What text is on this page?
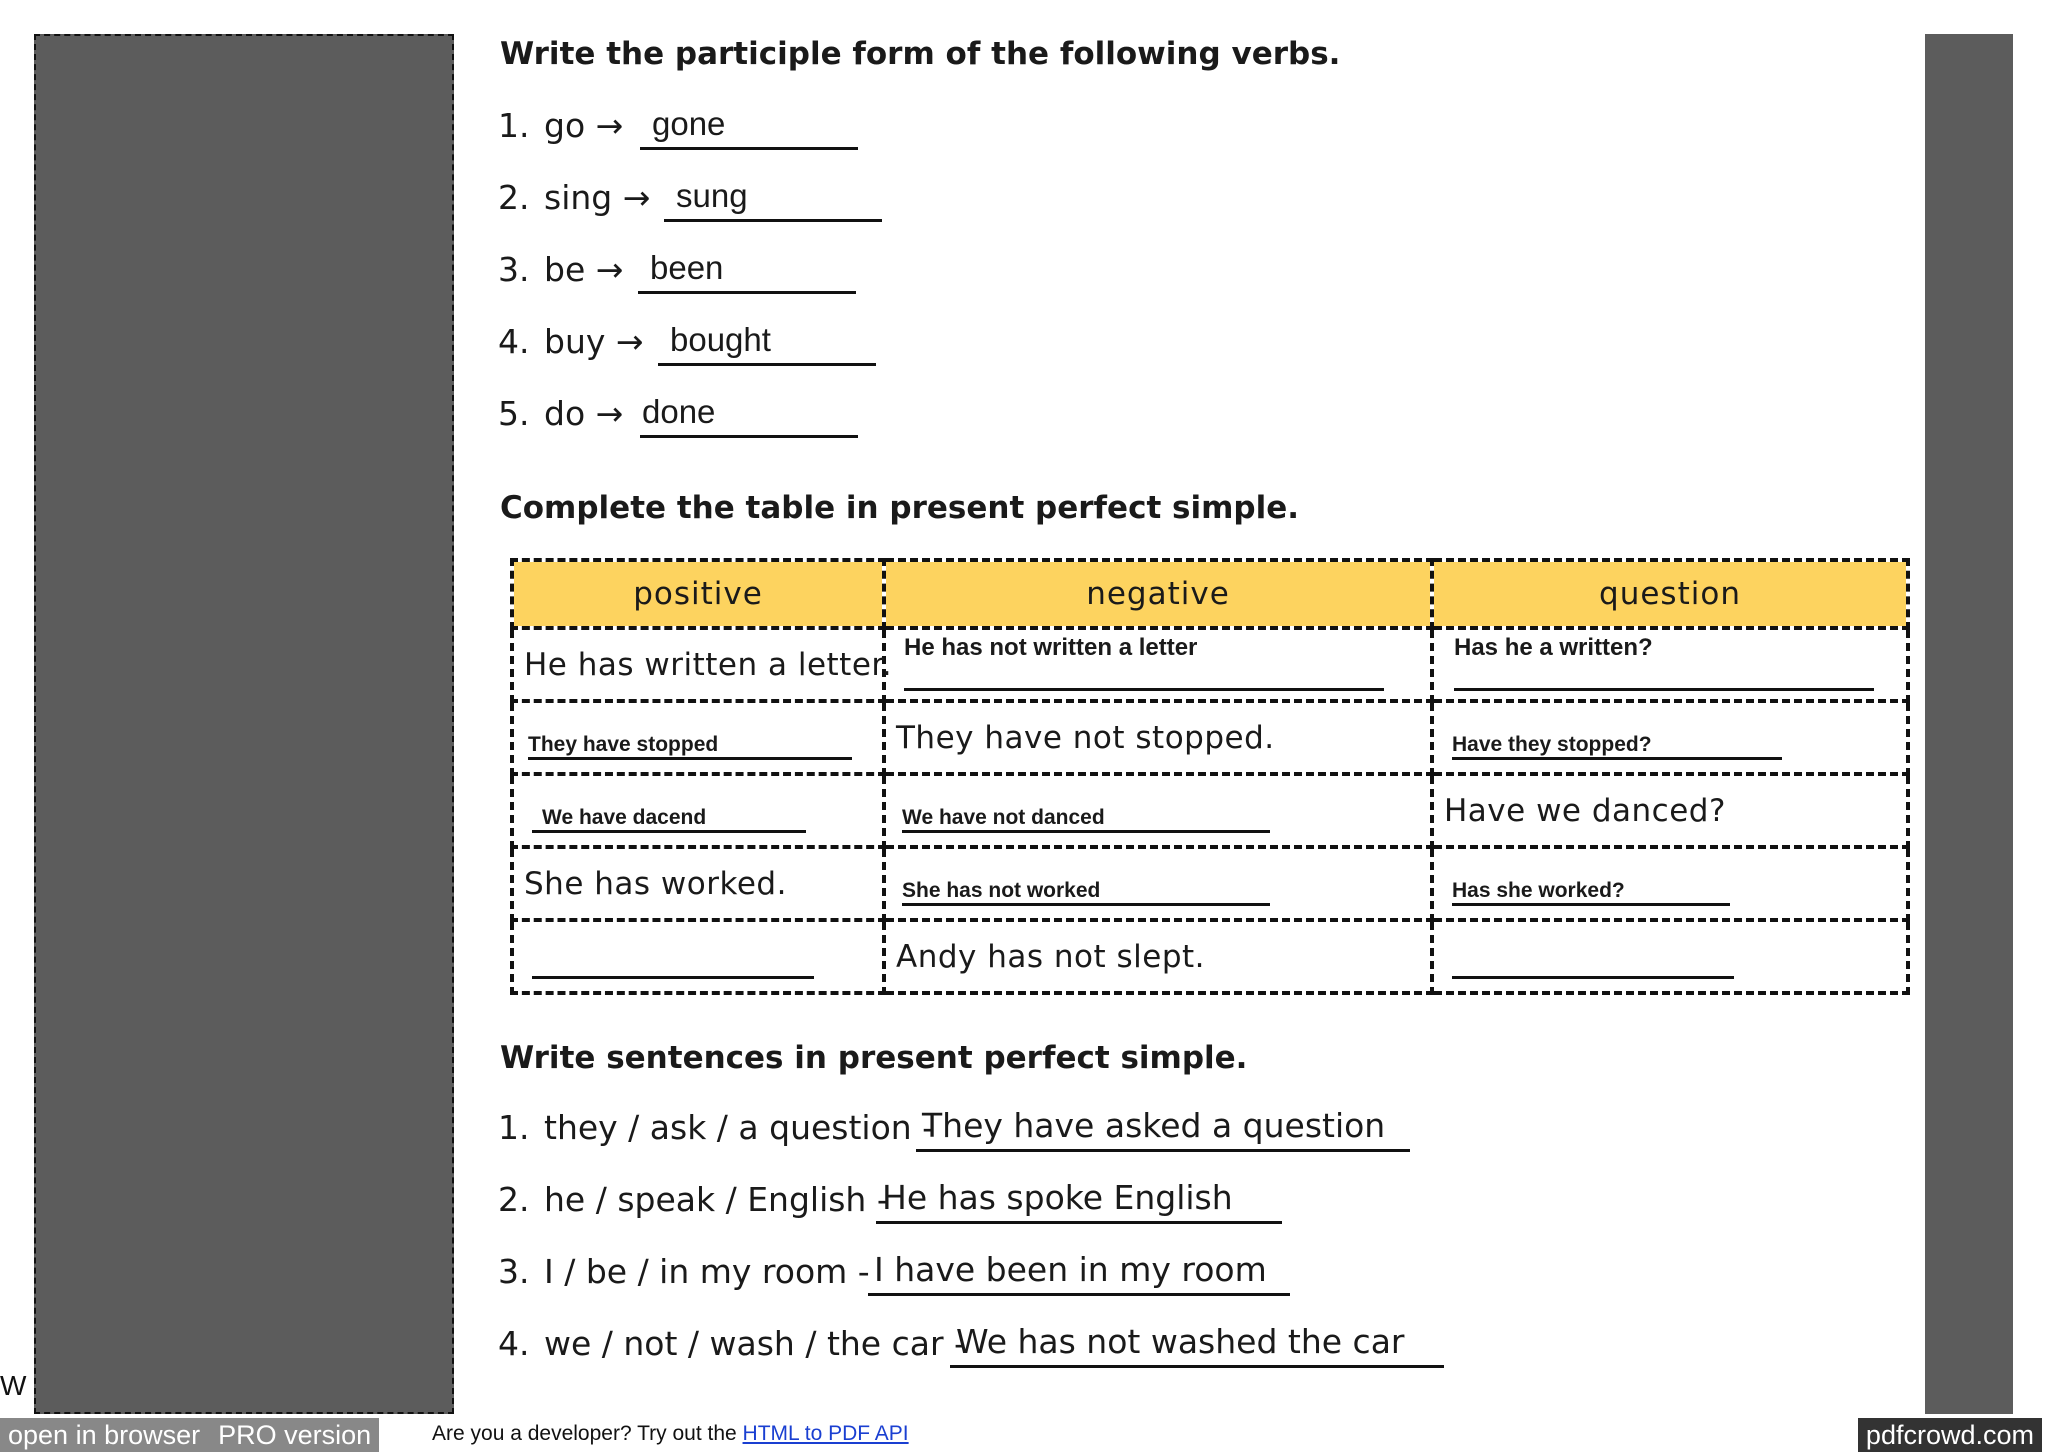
W
Write the participle form of the following verbs.
1. go → gone
2. sing → sung
3. be → been
4. buy → bought
5. do → done
Complete the table in present perfect simple.
positive	negative	question
He has written a letter.	He has not written a letter	Has he a written?

They have stopped	They have not stopped.	Have they stopped?

We have dacend	We have not danced	Have we danced?
She has worked.	She has not worked	Has she worked?

	Andy has not slept.	
Write sentences in present perfect simple.
1. they / ask / a question -
They have asked a question
2. he / speak / English -
He has spoke English
3. I / be / in my room - I have been in my room
4. we / not / wash / the car -
We has not washed the car
open in browser PRO version	Are you a developer? Try out the HTML to PDF API	pdfcrowd.com
